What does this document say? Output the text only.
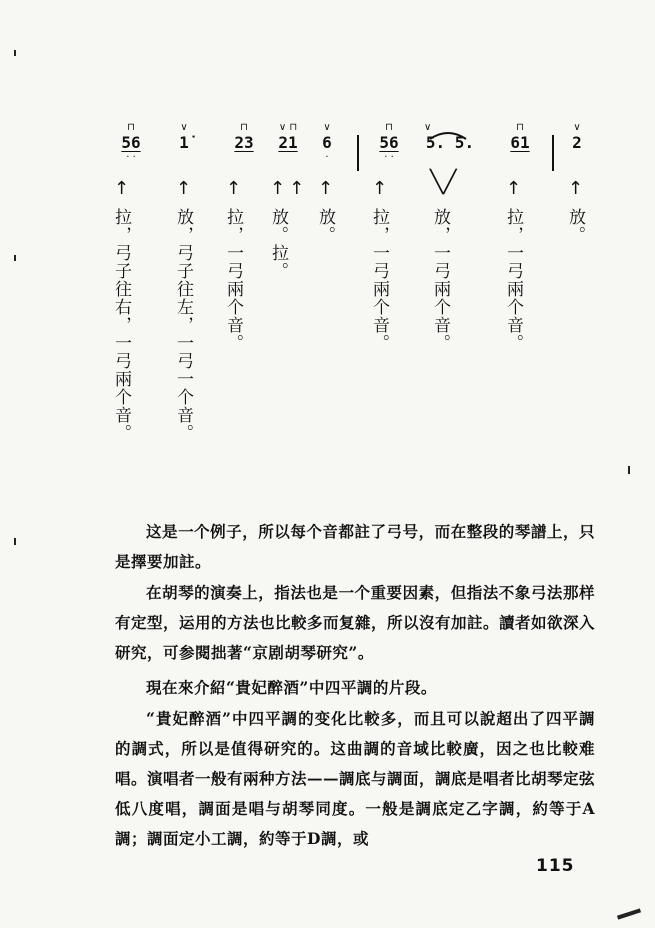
⊓
56
· ·
↑
拉，弓子往右，一弓兩个音。
∨
1̇
↑
放，弓子往左，一弓一个音。
⊓
23
↑
拉，一弓兩个音。
∨ ⊓
21
↑↑
放。拉。
∨
6
·
↑
放。
⊓
56
· ·
↑
拉，一弓兩个音。
∨
5. 5.
╲╱
放，一弓兩个音。
⊓
61
↑
拉，一弓兩个音。
∨
2
↑
放。

这是一个例子，所以每个音都註了弓号，而在整段的琴譜上，只是擇要加註。

在胡琴的演奏上，指法也是一个重要因素，但指法不象弓法那样有定型，运用的方法也比較多而复雜，所以沒有加註。讀者如欲深入研究，可参閱拙著“京剧胡琴研究”。

現在來介紹“貴妃醉酒”中四平調的片段。

“貴妃醉酒”中四平調的变化比較多，而且可以說超出了四平調的調式，所以是值得研究的。这曲調的音域比較廣，因之也比較难唱。演唱者一般有兩种方法——調底与調面，調底是唱者比胡琴定弦低八度唱，調面是唱与胡琴同度。一般是調底定乙字調，約等于A調；調面定小工調，約等于D調，或

115
